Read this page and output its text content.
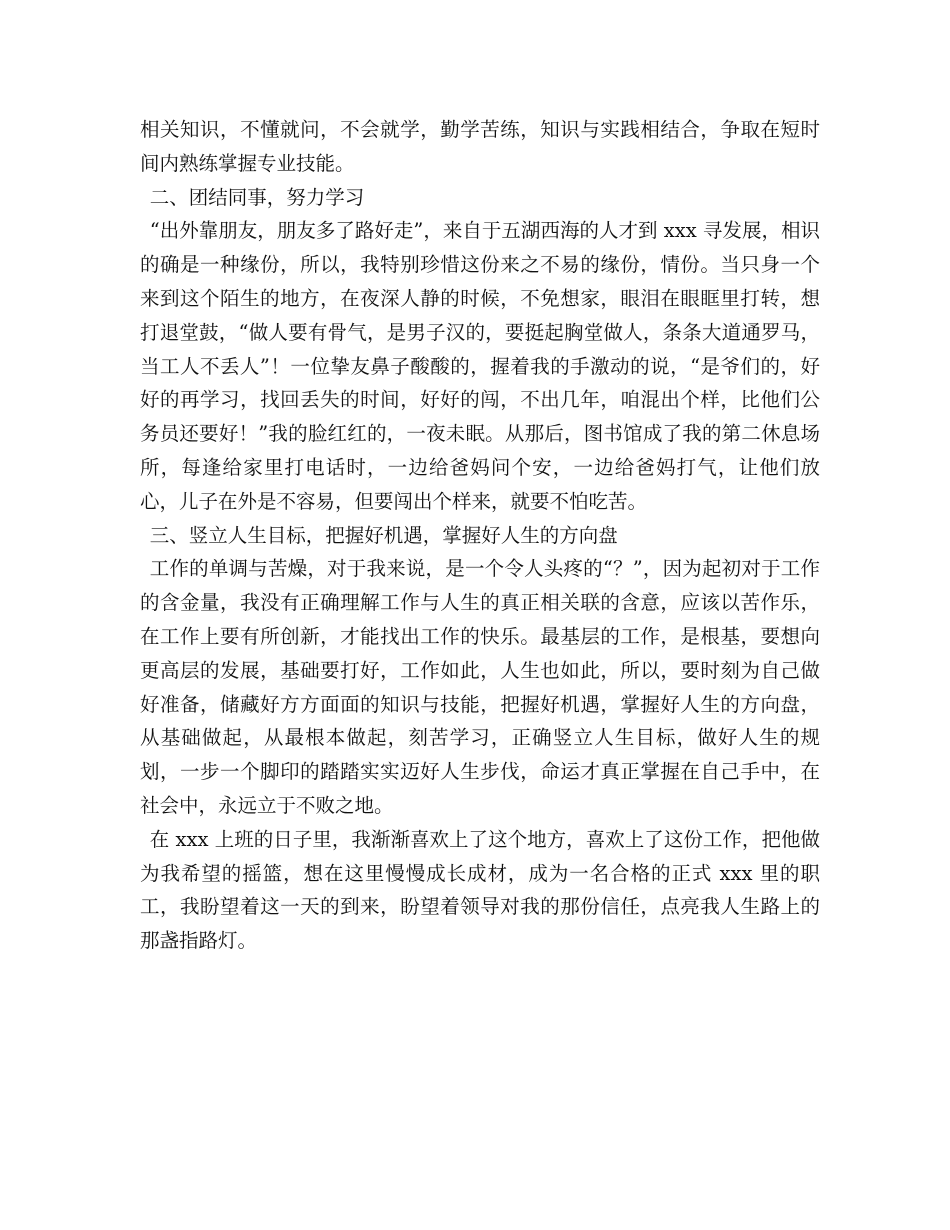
相关知识，不懂就问，不会就学，勤学苦练，知识与实践相结合，争取在短时间内熟练掌握专业技能。

二、团结同事，努力学习

“出外靠朋友，朋友多了路好走”，来自于五湖西海的人才到 xxx 寻发展，相识的确是一种缘份，所以，我特别珍惜这份来之不易的缘份，情份。当只身一个来到这个陌生的地方，在夜深人静的时候，不免想家，眼泪在眼眶里打转，想打退堂鼓，“做人要有骨气，是男子汉的，要挺起胸堂做人，条条大道通罗马，当工人不丢人”！一位挚友鼻子酸酸的，握着我的手激动的说，“是爷们的，好好的再学习，找回丢失的时间，好好的闯，不出几年，咱混出个样，比他们公务员还要好！”我的脸红红的，一夜未眠。从那后，图书馆成了我的第二休息场所，每逢给家里打电话时，一边给爸妈问个安，一边给爸妈打气，让他们放心，儿子在外是不容易，但要闯出个样来，就要不怕吃苦。

三、竖立人生目标，把握好机遇，掌握好人生的方向盘

工作的单调与苦燥，对于我来说，是一个令人头疼的“？”，因为起初对于工作的含金量，我没有正确理解工作与人生的真正相关联的含意，应该以苦作乐，在工作上要有所创新，才能找出工作的快乐。最基层的工作，是根基，要想向更高层的发展，基础要打好，工作如此，人生也如此，所以，要时刻为自己做好准备，储藏好方方面面的知识与技能，把握好机遇，掌握好人生的方向盘，从基础做起，从最根本做起，刻苦学习，正确竖立人生目标，做好人生的规划，一步一个脚印的踏踏实实迈好人生步伐，命运才真正掌握在自己手中，在社会中，永远立于不败之地。

在 xxx 上班的日子里，我渐渐喜欢上了这个地方，喜欢上了这份工作，把他做为我希望的摇篮，想在这里慢慢成长成材，成为一名合格的正式 xxx 里的职工，我盼望着这一天的到来，盼望着领导对我的那份信任，点亮我人生路上的那盏指路灯。
